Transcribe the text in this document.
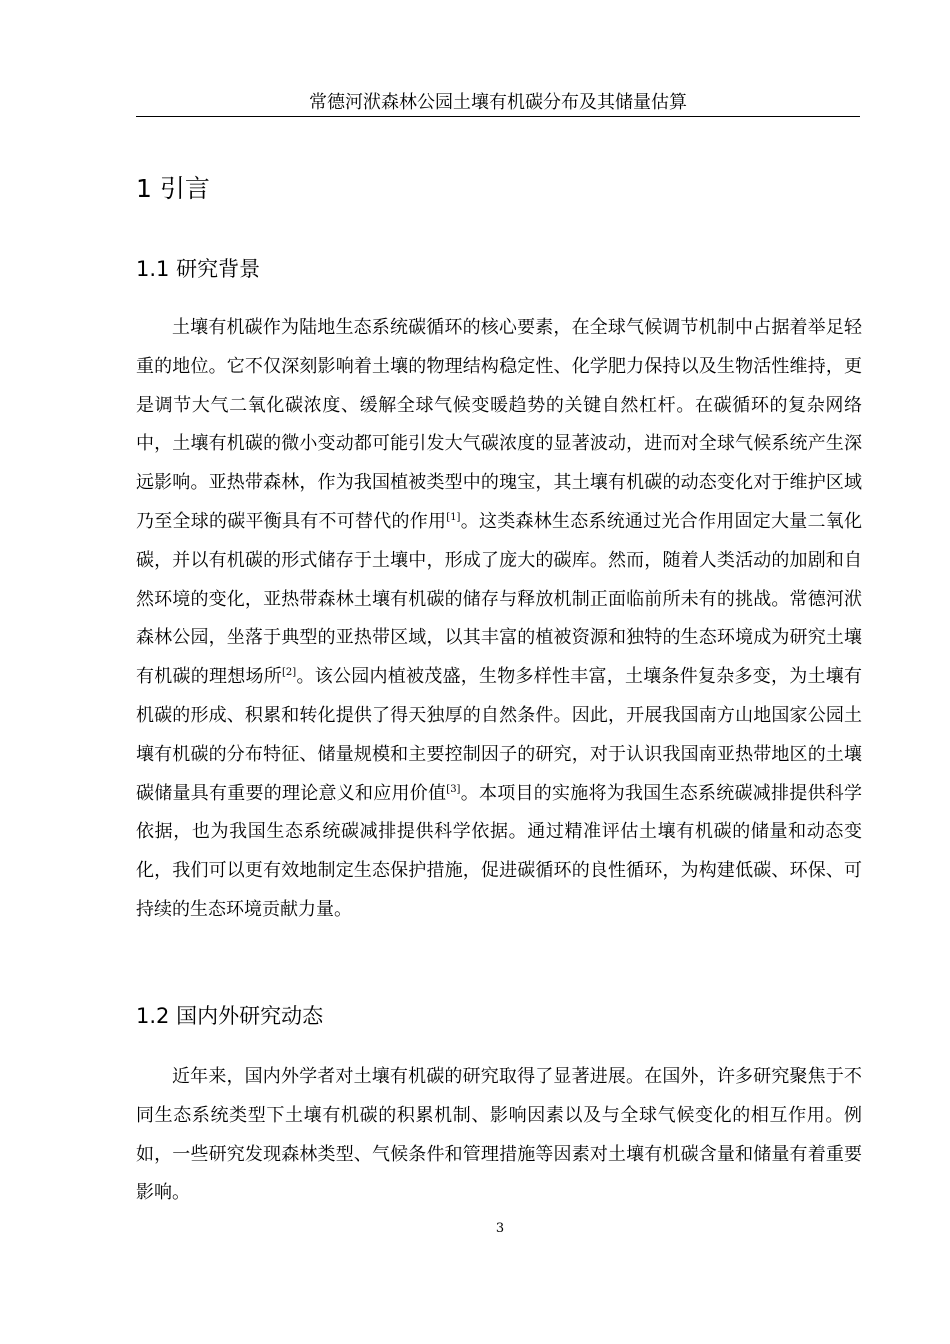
常德河洑森林公园土壤有机碳分布及其储量估算
1 引言
1.1 研究背景

土壤有机碳作为陆地生态系统碳循环的核心要素，在全球气候调节机制中占据着举足轻重的地位。它不仅深刻影响着土壤的物理结构稳定性、化学肥力保持以及生物活性维持，更是调节大气二氧化碳浓度、缓解全球气候变暖趋势的关键自然杠杆。在碳循环的复杂网络中，土壤有机碳的微小变动都可能引发大气碳浓度的显著波动，进而对全球气候系统产生深远影响。亚热带森林，作为我国植被类型中的瑰宝，其土壤有机碳的动态变化对于维护区域乃至全球的碳平衡具有不可替代的作用[1]。这类森林生态系统通过光合作用固定大量二氧化碳，并以有机碳的形式储存于土壤中，形成了庞大的碳库。然而，随着人类活动的加剧和自然环境的变化，亚热带森林土壤有机碳的储存与释放机制正面临前所未有的挑战。常德河洑森林公园，坐落于典型的亚热带区域，以其丰富的植被资源和独特的生态环境成为研究土壤有机碳的理想场所[2]。该公园内植被茂盛，生物多样性丰富，土壤条件复杂多变，为土壤有机碳的形成、积累和转化提供了得天独厚的自然条件。因此，开展我国南方山地国家公园土壤有机碳的分布特征、储量规模和主要控制因子的研究，对于认识我国南亚热带地区的土壤碳储量具有重要的理论意义和应用价值[3]。本项目的实施将为我国生态系统碳减排提供科学依据，也为我国生态系统碳减排提供科学依据。通过精准评估土壤有机碳的储量和动态变化，我们可以更有效地制定生态保护措施，促进碳循环的良性循环，为构建低碳、环保、可持续的生态环境贡献力量。

1.2 国内外研究动态

近年来，国内外学者对土壤有机碳的研究取得了显著进展。在国外，许多研究聚焦于不同生态系统类型下土壤有机碳的积累机制、影响因素以及与全球气候变化的相互作用。例如，一些研究发现森林类型、气候条件和管理措施等因素对土壤有机碳含量和储量有着重要影响。

3
